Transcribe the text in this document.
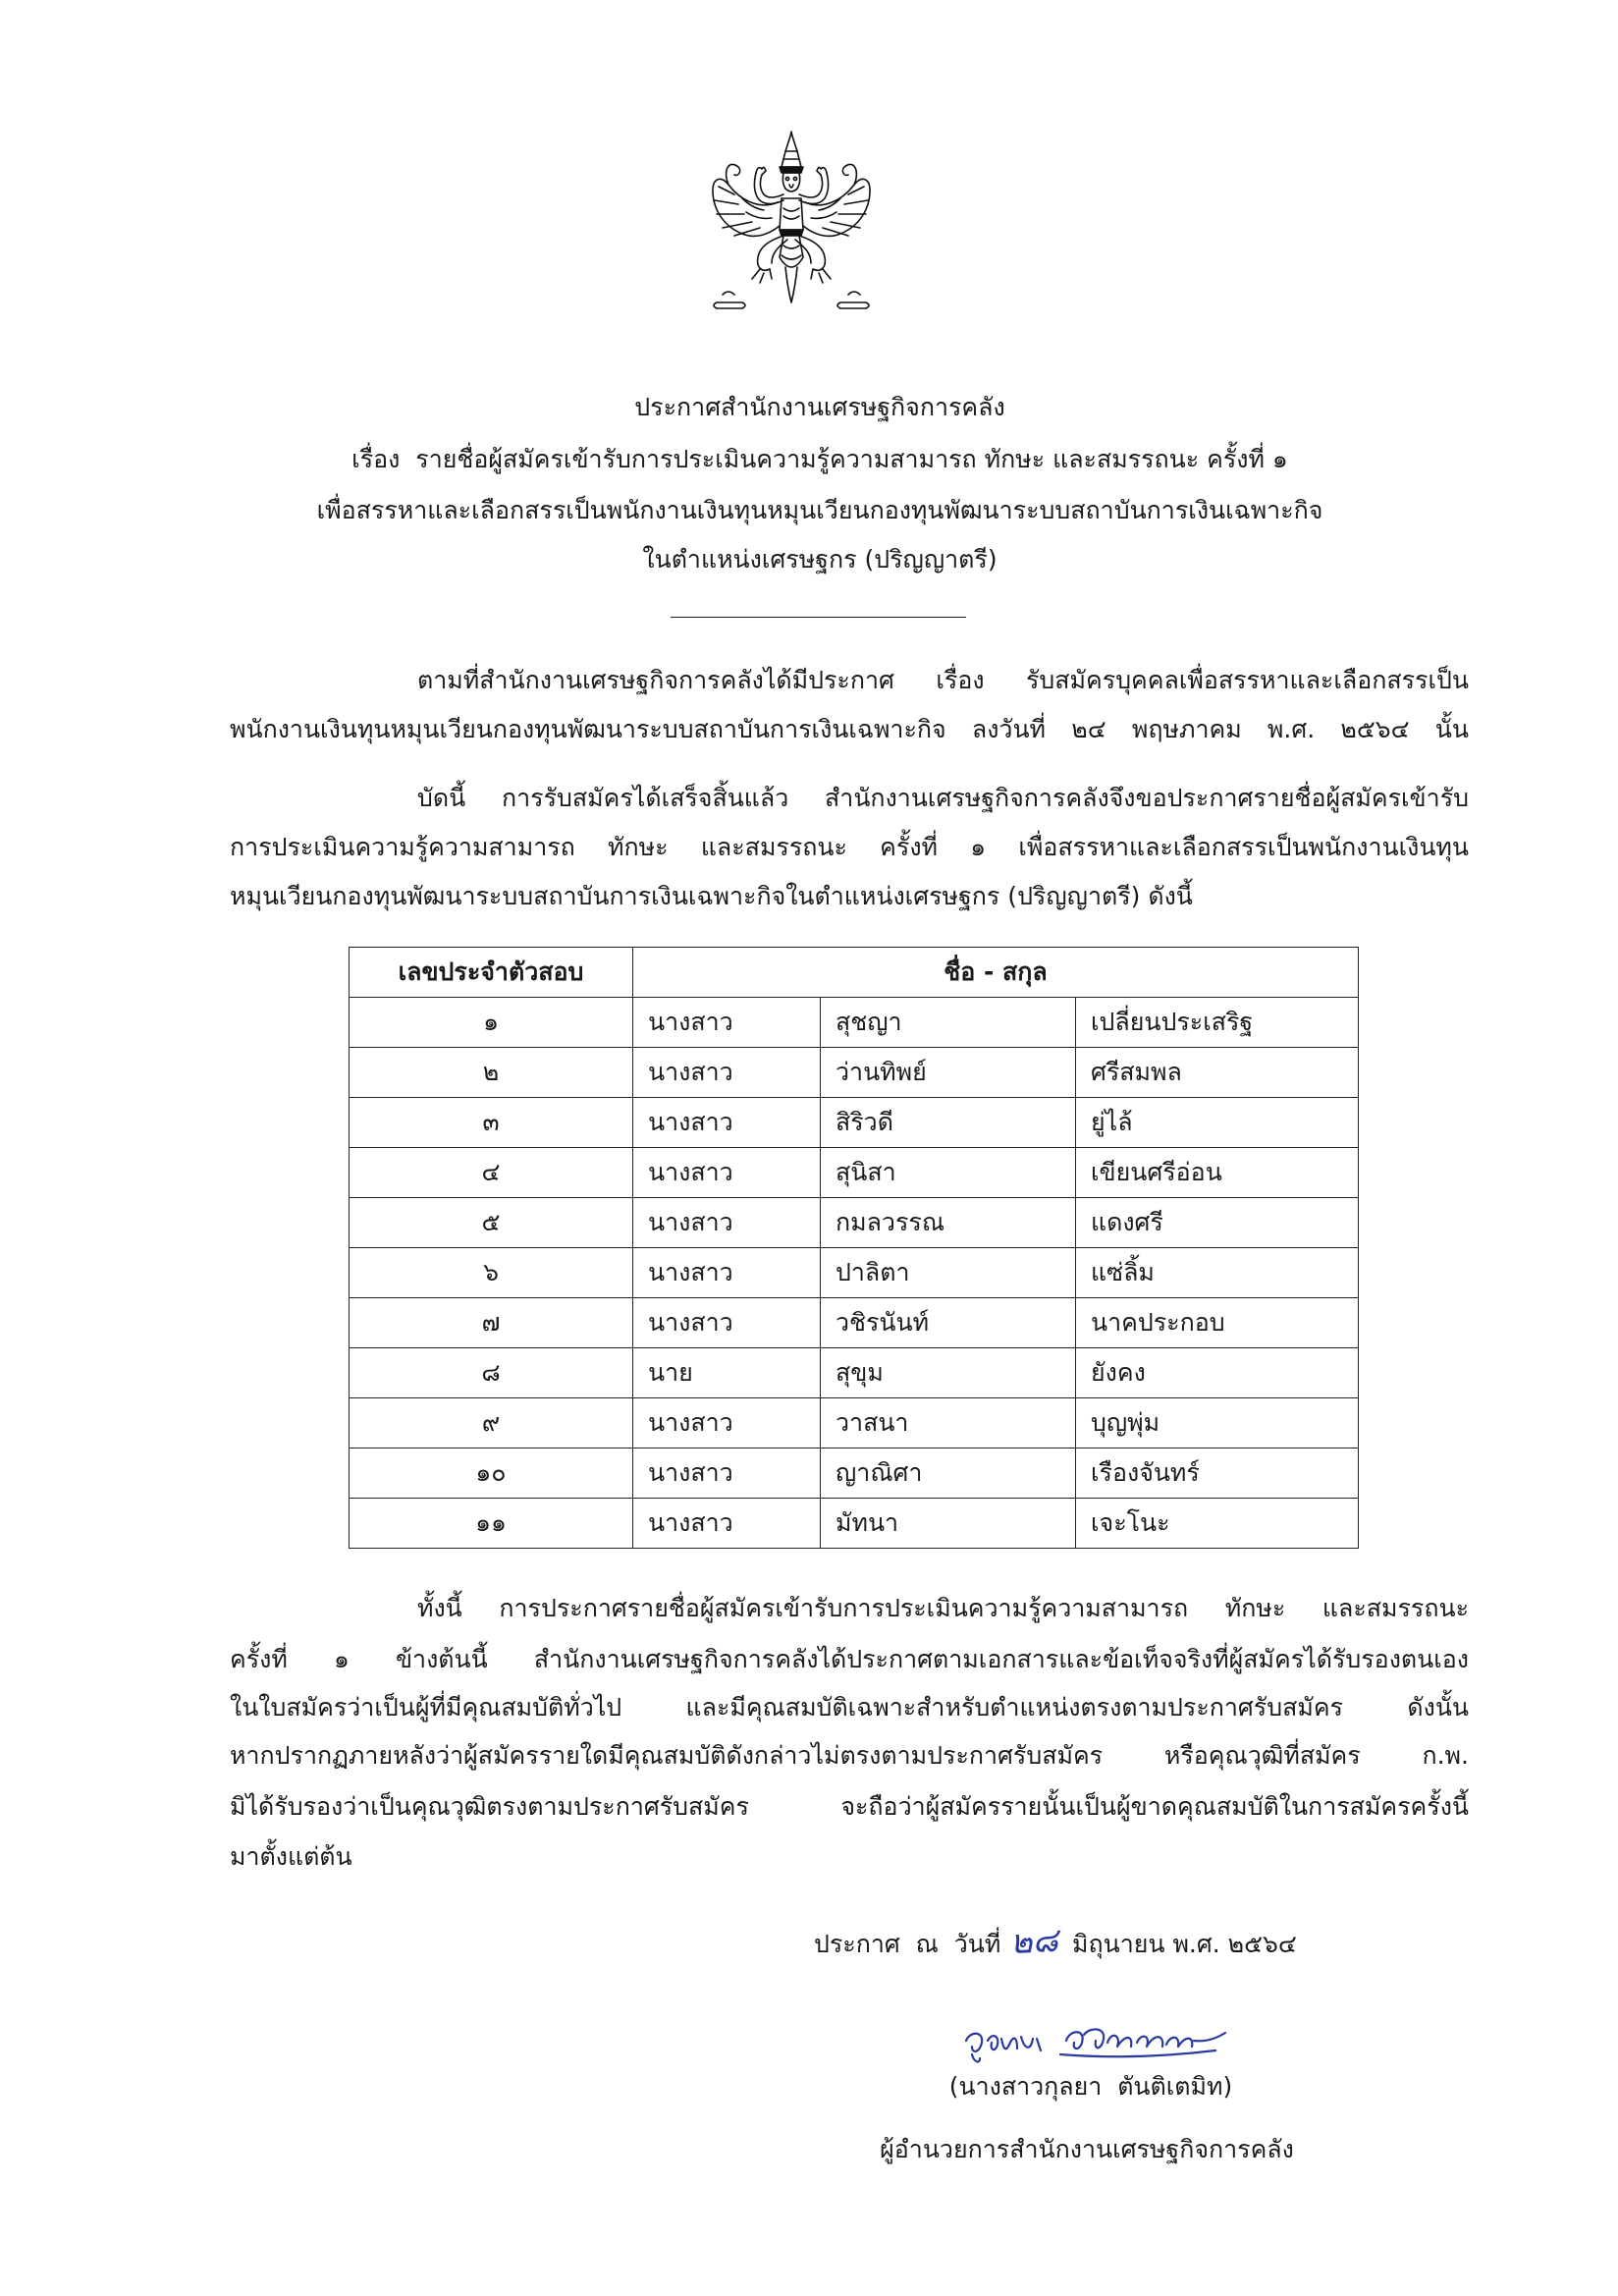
ประกาศสำนักงานเศรษฐกิจการคลัง
เรื่อง  รายชื่อผู้สมัครเข้ารับการประเมินความรู้ความสามารถ ทักษะ และสมรรถนะ ครั้งที่ ๑
เพื่อสรรหาและเลือกสรรเป็นพนักงานเงินทุนหมุนเวียนกองทุนพัฒนาระบบสถาบันการเงินเฉพาะกิจ
ในตำแหน่งเศรษฐกร (ปริญญาตรี)
ตามที่สำนักงานเศรษฐกิจการคลังได้มีประกาศ เรื่อง รับสมัครบุคคลเพื่อสรรหาและเลือกสรรเป็น
พนักงานเงินทุนหมุนเวียนกองทุนพัฒนาระบบสถาบันการเงินเฉพาะกิจ ลงวันที่ ๒๔ พฤษภาคม พ.ศ. ๒๕๖๔ นั้น
บัดนี้ การรับสมัครได้เสร็จสิ้นแล้ว สำนักงานเศรษฐกิจการคลังจึงขอประกาศรายชื่อผู้สมัครเข้ารับ
การประเมินความรู้ความสามารถ ทักษะ และสมรรถนะ ครั้งที่ ๑ เพื่อสรรหาและเลือกสรรเป็นพนักงานเงินทุน
หมุนเวียนกองทุนพัฒนาระบบสถาบันการเงินเฉพาะกิจในตำแหน่งเศรษฐกร (ปริญญาตรี) ดังนี้
เลขประจำตัวสอบ	ชื่อ - สกุล		
๑	นางสาว	สุชญา	เปลี่ยนประเสริฐ
๒	นางสาว	ว่านทิพย์	ศรีสมพล
๓	นางสาว	สิริวดี	ยู่ไล้
๔	นางสาว	สุนิสา	เขียนศรีอ่อน
๕	นางสาว	กมลวรรณ	แดงศรี
๖	นางสาว	ปาลิตา	แซ่ลิ้ม
๗	นางสาว	วชิรนันท์	นาคประกอบ
๘	นาย	สุขุม	ยังคง
๙	นางสาว	วาสนา	บุญพุ่ม
๑๐	นางสาว	ญาณิศา	เรืองจันทร์
๑๑	นางสาว	มัทนา	เจะโนะ
ทั้งนี้ การประกาศรายชื่อผู้สมัครเข้ารับการประเมินความรู้ความสามารถ ทักษะ และสมรรถนะ
ครั้งที่ ๑ ข้างต้นนี้ สำนักงานเศรษฐกิจการคลังได้ประกาศตามเอกสารและข้อเท็จจริงที่ผู้สมัครได้รับรองตนเอง
ในใบสมัครว่าเป็นผู้ที่มีคุณสมบัติทั่วไป และมีคุณสมบัติเฉพาะสำหรับตำแหน่งตรงตามประกาศรับสมัคร ดังนั้น
หากปรากฏภายหลังว่าผู้สมัครรายใดมีคุณสมบัติดังกล่าวไม่ตรงตามประกาศรับสมัคร หรือคุณวุฒิที่สมัคร ก.พ.
มิได้รับรองว่าเป็นคุณวุฒิตรงตามประกาศรับสมัคร จะถือว่าผู้สมัครรายนั้นเป็นผู้ขาดคุณสมบัติในการสมัครครั้งนี้
มาตั้งแต่ต้น
ประกาศ  ณ  วันที่ ๒๘ มิถุนายน พ.ศ. ๒๕๖๔
(นางสาวกุลยา  ตันติเตมิท)
ผู้อำนวยการสำนักงานเศรษฐกิจการคลัง
